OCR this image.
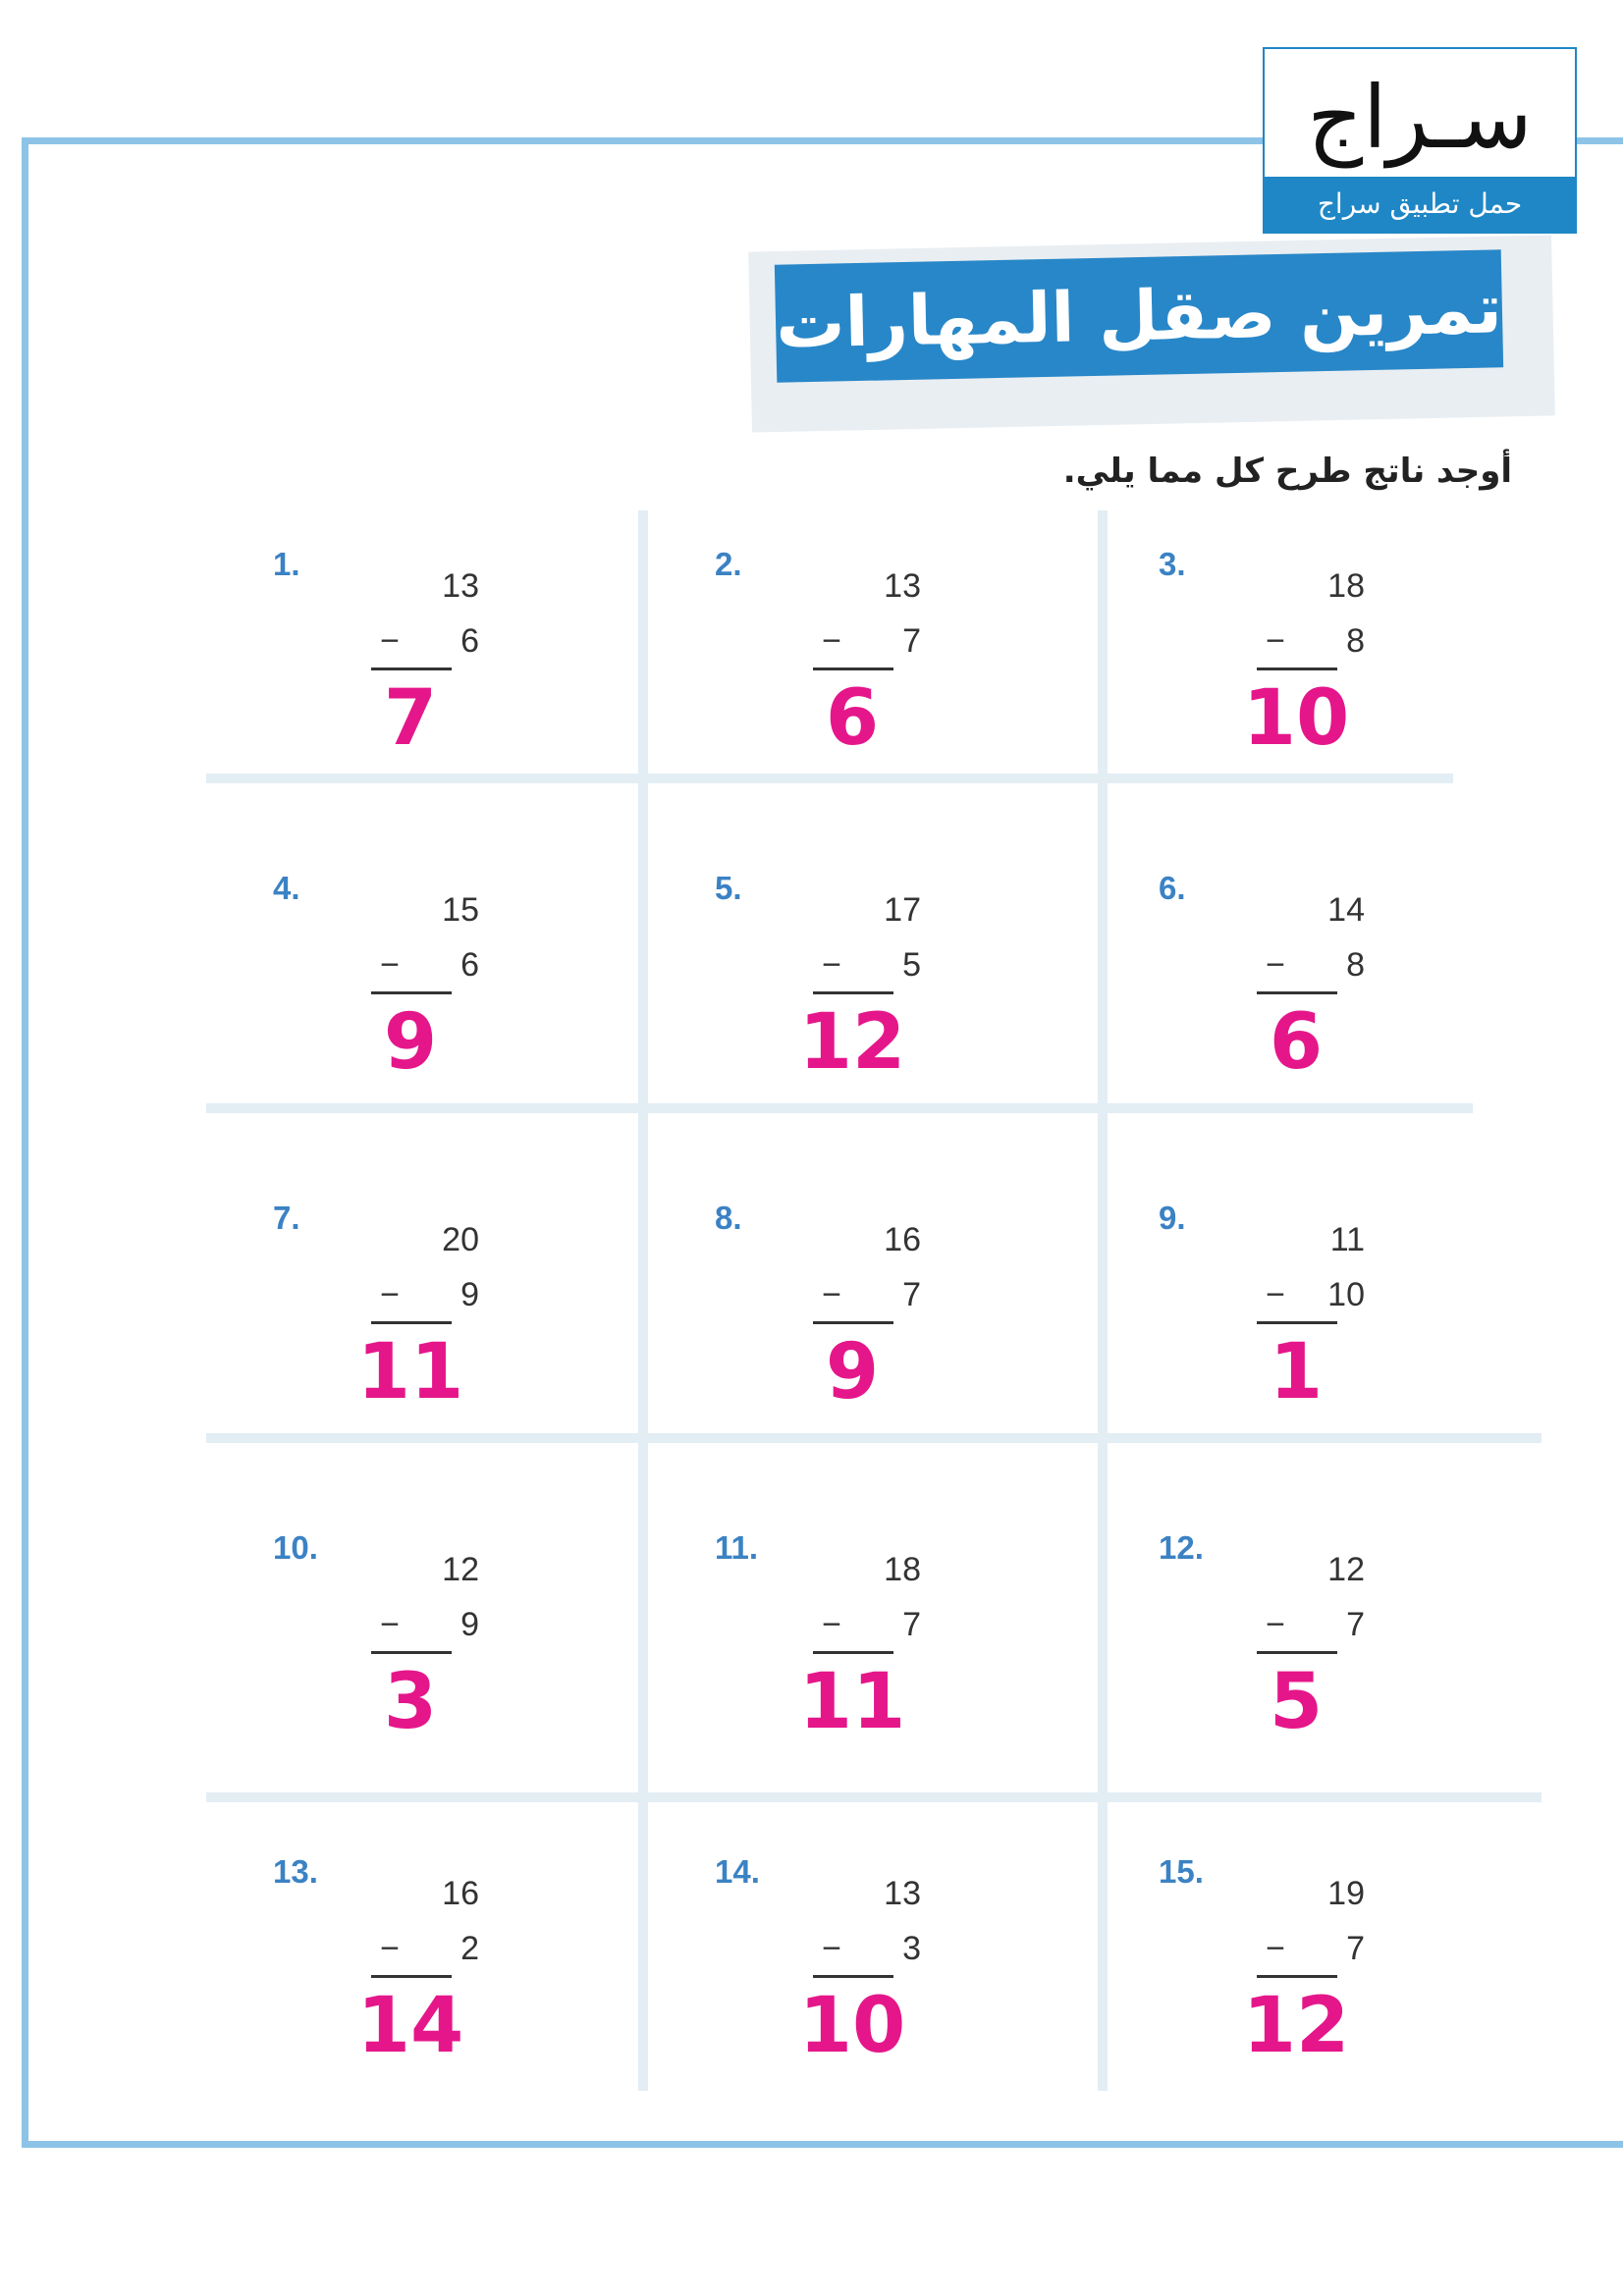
سـراج
حمل تطبيق سراج
تمرين صقل المهارات
أوجد ناتج طرح كل مما يلي.
1.
13
−	6
7
2.
13
−	7
6
3.
18
−	8
10
4.
15
−	6
9
5.
17
−	5
12
6.
14
−	8
6
7.
20
−	9
11
8.
16
−	7
9
9.
11
−	10
1
10.
12
−	9
3
11.
18
−	7
11
12.
12
−	7
5
13.
16
−	2
14
14.
13
−	3
10
15.
19
−	7
12
